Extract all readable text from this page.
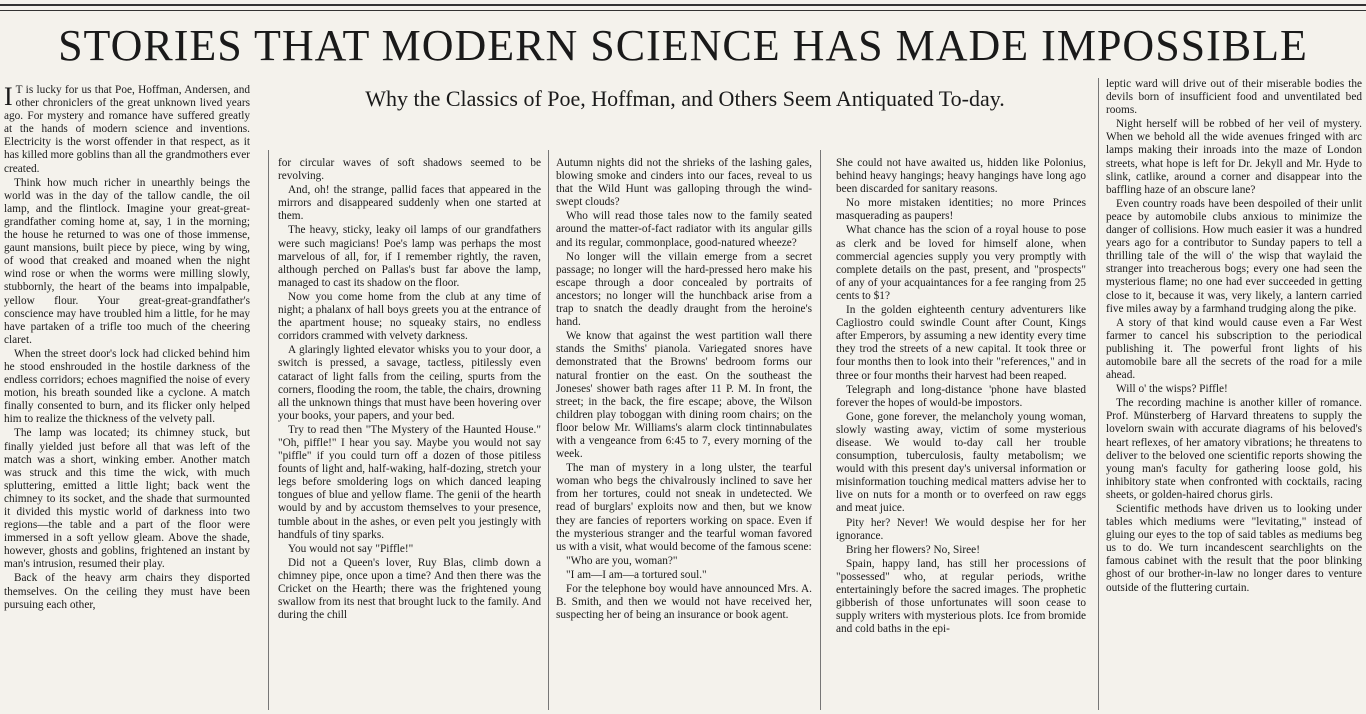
STORIES THAT MODERN SCIENCE HAS MADE IMPOSSIBLE
Why the Classics of Poe, Hoffman, and Others Seem Antiquated To-day.

I T is lucky for us that Poe, Hoffman, Andersen, and other chroniclers of the great unknown lived years ago. For mystery and romance have suffered greatly at the hands of modern science and inventions. Electricity is the worst offender in that respect, as it has killed more goblins than all the grandmothers ever created.

Think how much richer in unearthly beings the world was in the day of the tallow candle, the oil lamp, and the flintlock. Imagine your great-great-grandfather coming home at, say, 1 in the morning; the house he returned to was one of those immense, gaunt mansions, built piece by piece, wing by wing, of wood that creaked and moaned when the night wind rose or when the worms were milling slowly, stubbornly, the heart of the beams into impalpable, yellow flour. Your great-great-grandfather's conscience may have troubled him a little, for he may have partaken of a trifle too much of the cheering claret.

When the street door's lock had clicked behind him he stood enshrouded in the hostile darkness of the endless corridors; echoes magnified the noise of every motion, his breath sounded like a cyclone. A match finally consented to burn, and its flicker only helped him to realize the thickness of the velvety pall.

The lamp was located; its chimney stuck, but finally yielded just before all that was left of the match was a short, winking ember. Another match was struck and this time the wick, with much spluttering, emitted a little light; back went the chimney to its socket, and the shade that surmounted it divided this mystic world of darkness into two regions—the table and a part of the floor were immersed in a soft yellow gleam. Above the shade, however, ghosts and goblins, frightened an instant by man's intrusion, resumed their play.

Back of the heavy arm chairs they disported themselves. On the ceiling they must have been pursuing each other,

for circular waves of soft shadows seemed to be revolving.

And, oh! the strange, pallid faces that appeared in the mirrors and disappeared suddenly when one started at them.

The heavy, sticky, leaky oil lamps of our grandfathers were such magicians! Poe's lamp was perhaps the most marvelous of all, for, if I remember rightly, the raven, although perched on Pallas's bust far above the lamp, managed to cast its shadow on the floor.

Now you come home from the club at any time of night; a phalanx of hall boys greets you at the entrance of the apartment house; no squeaky stairs, no endless corridors crammed with velvety darkness.

A glaringly lighted elevator whisks you to your door, a switch is pressed, a savage, tactless, pitilessly even cataract of light falls from the ceiling, spurts from the corners, flooding the room, the table, the chairs, drowning all the unknown things that must have been hovering over your books, your papers, and your bed.

Try to read then "The Mystery of the Haunted House." "Oh, piffle!" I hear you say. Maybe you would not say "piffle" if you could turn off a dozen of those pitiless founts of light and, half-waking, half-dozing, stretch your legs before smoldering logs on which danced leaping tongues of blue and yellow flame. The genii of the hearth would by and by accustom themselves to your presence, tumble about in the ashes, or even pelt you jestingly with handfuls of tiny sparks.

You would not say "Piffle!"

Did not a Queen's lover, Ruy Blas, climb down a chimney pipe, once upon a time? And then there was the Cricket on the Hearth; there was the frightened young swallow from its nest that brought luck to the family. And during the chill

Autumn nights did not the shrieks of the lashing gales, blowing smoke and cinders into our faces, reveal to us that the Wild Hunt was galloping through the wind-swept clouds?

Who will read those tales now to the family seated around the matter-of-fact radiator with its angular gills and its regular, commonplace, good-natured wheeze?

No longer will the villain emerge from a secret passage; no longer will the hard-pressed hero make his escape through a door concealed by portraits of ancestors; no longer will the hunchback arise from a trap to snatch the deadly draught from the heroine's hand.

We know that against the west partition wall there stands the Smiths' pianola. Variegated snores have demonstrated that the Browns' bedroom forms our natural frontier on the east. On the southeast the Joneses' shower bath rages after 11 P. M. In front, the street; in the back, the fire escape; above, the Wilson children play toboggan with dining room chairs; on the floor below Mr. Williams's alarm clock tintinnabulates with a vengeance from 6:45 to 7, every morning of the week.

The man of mystery in a long ulster, the tearful woman who begs the chivalrously inclined to save her from her tortures, could not sneak in undetected. We read of burglars' exploits now and then, but we know they are fancies of reporters working on space. Even if the mysterious stranger and the tearful woman favored us with a visit, what would become of the famous scene:

"Who are you, woman?"

"I am—I am—a tortured soul."

For the telephone boy would have announced Mrs. A. B. Smith, and then we would not have received her, suspecting her of being an insurance or book agent.

She could not have awaited us, hidden like Polonius, behind heavy hangings; heavy hangings have long ago been discarded for sanitary reasons.

No more mistaken identities; no more Princes masquerading as paupers!

What chance has the scion of a royal house to pose as clerk and be loved for himself alone, when commercial agencies supply you very promptly with complete details on the past, present, and "prospects" of any of your acquaintances for a fee ranging from 25 cents to $1?

In the golden eighteenth century adventurers like Cagliostro could swindle Count after Count, Kings after Emperors, by assuming a new identity every time they trod the streets of a new capital. It took three or four months then to look into their "references," and in three or four months their harvest had been reaped.

Telegraph and long-distance 'phone have blasted forever the hopes of would-be impostors.

Gone, gone forever, the melancholy young woman, slowly wasting away, victim of some mysterious disease. We would to-day call her trouble consumption, tuberculosis, faulty metabolism; we would with this present day's universal information or misinformation touching medical matters advise her to live on nuts for a month or to overfeed on raw eggs and meat juice.

Pity her? Never! We would despise her for her ignorance.

Bring her flowers? No, Siree!

Spain, happy land, has still her processions of "possessed" who, at regular periods, writhe entertainingly before the sacred images. The prophetic gibberish of those unfortunates will soon cease to supply writers with mysterious plots. Ice from bromide and cold baths in the epi-

leptic ward will drive out of their miserable bodies the devils born of insufficient food and unventilated bed rooms.

Night herself will be robbed of her veil of mystery. When we behold all the wide avenues fringed with arc lamps making their inroads into the maze of London streets, what hope is left for Dr. Jekyll and Mr. Hyde to slink, catlike, around a corner and disappear into the baffling haze of an obscure lane?

Even country roads have been despoiled of their unlit peace by automobile clubs anxious to minimize the danger of collisions. How much easier it was a hundred years ago for a contributor to Sunday papers to tell a thrilling tale of the will o' the wisp that waylaid the stranger into treacherous bogs; every one had seen the mysterious flame; no one had ever succeeded in getting close to it, because it was, very likely, a lantern carried five miles away by a farmhand trudging along the pike.

A story of that kind would cause even a Far West farmer to cancel his subscription to the periodical publishing it. The powerful front lights of his automobile bare all the secrets of the road for a mile ahead.

Will o' the wisps? Piffle!

The recording machine is another killer of romance. Prof. Münsterberg of Harvard threatens to supply the lovelorn swain with accurate diagrams of his beloved's heart reflexes, of her amatory vibrations; he threatens to deliver to the beloved one scientific reports showing the young man's faculty for gathering loose gold, his inhibitory state when confronted with cocktails, racing sheets, or golden-haired chorus girls.

Scientific methods have driven us to looking under tables which mediums were "levitating," instead of gluing our eyes to the top of said tables as mediums beg us to do. We turn incandescent searchlights on the famous cabinet with the result that the poor blinking ghost of our brother-in-law no longer dares to venture outside of the fluttering curtain.
